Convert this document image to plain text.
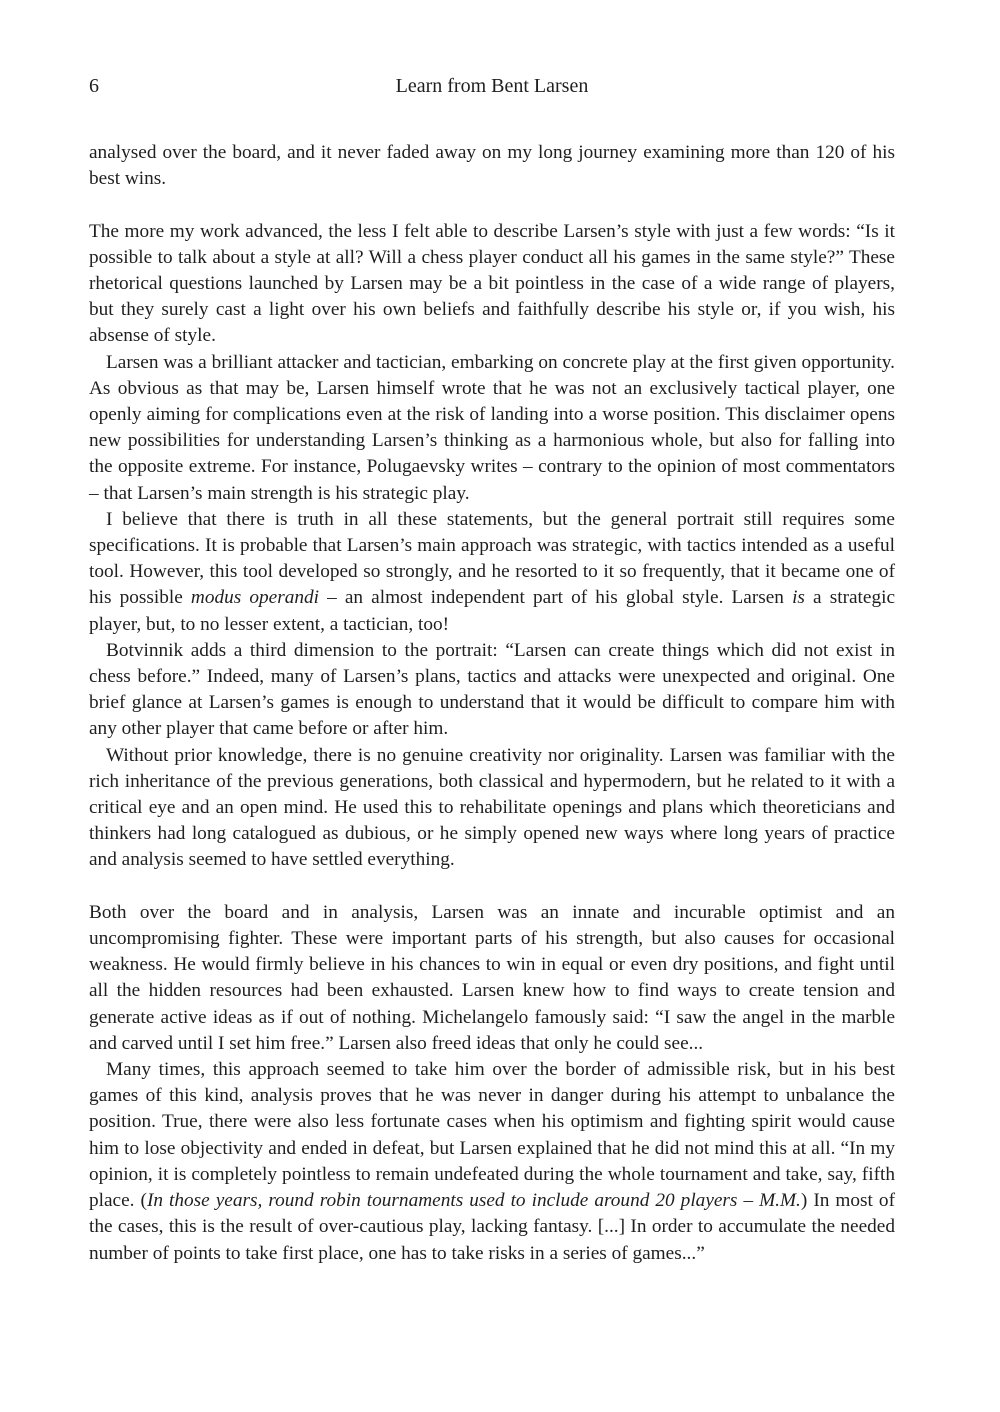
6	Learn from Bent Larsen

analysed over the board, and it never faded away on my long journey examining more than 120 of his best wins.

The more my work advanced, the less I felt able to describe Larsen’s style with just a few words: “Is it possible to talk about a style at all? Will a chess player conduct all his games in the same style?” These rhetorical questions launched by Larsen may be a bit pointless in the case of a wide range of players, but they surely cast a light over his own beliefs and faithfully describe his style or, if you wish, his absense of style.

Larsen was a brilliant attacker and tactician, embarking on concrete play at the first given opportunity. As obvious as that may be, Larsen himself wrote that he was not an exclusively tactical player, one openly aiming for complications even at the risk of landing into a worse position. This disclaimer opens new possibilities for understanding Larsen’s thinking as a harmonious whole, but also for falling into the opposite extreme. For instance, Polugaevsky writes – contrary to the opinion of most commentators – that Larsen’s main strength is his strategic play.

I believe that there is truth in all these statements, but the general portrait still requires some specifications. It is probable that Larsen’s main approach was strategic, with tactics intended as a useful tool. However, this tool developed so strongly, and he resorted to it so frequently, that it became one of his possible modus operandi – an almost independent part of his global style. Larsen is a strategic player, but, to no lesser extent, a tactician, too!

Botvinnik adds a third dimension to the portrait: “Larsen can create things which did not exist in chess before.” Indeed, many of Larsen’s plans, tactics and attacks were unexpected and original. One brief glance at Larsen’s games is enough to understand that it would be difficult to compare him with any other player that came before or after him.

Without prior knowledge, there is no genuine creativity nor originality. Larsen was familiar with the rich inheritance of the previous generations, both classical and hypermodern, but he related to it with a critical eye and an open mind. He used this to rehabilitate openings and plans which theoreticians and thinkers had long catalogued as dubious, or he simply opened new ways where long years of practice and analysis seemed to have settled everything.

Both over the board and in analysis, Larsen was an innate and incurable optimist and an uncompromising fighter. These were important parts of his strength, but also causes for occasional weakness. He would firmly believe in his chances to win in equal or even dry positions, and fight until all the hidden resources had been exhausted. Larsen knew how to find ways to create tension and generate active ideas as if out of nothing. Michelangelo famously said: “I saw the angel in the marble and carved until I set him free.” Larsen also freed ideas that only he could see...

Many times, this approach seemed to take him over the border of admissible risk, but in his best games of this kind, analysis proves that he was never in danger during his attempt to unbalance the position. True, there were also less fortunate cases when his optimism and fighting spirit would cause him to lose objectivity and ended in defeat, but Larsen explained that he did not mind this at all. “In my opinion, it is completely pointless to remain undefeated during the whole tournament and take, say, fifth place. (In those years, round robin tournaments used to include around 20 players – M.M.) In most of the cases, this is the result of over-cautious play, lacking fantasy. [...] In order to accumulate the needed number of points to take first place, one has to take risks in a series of games...”
